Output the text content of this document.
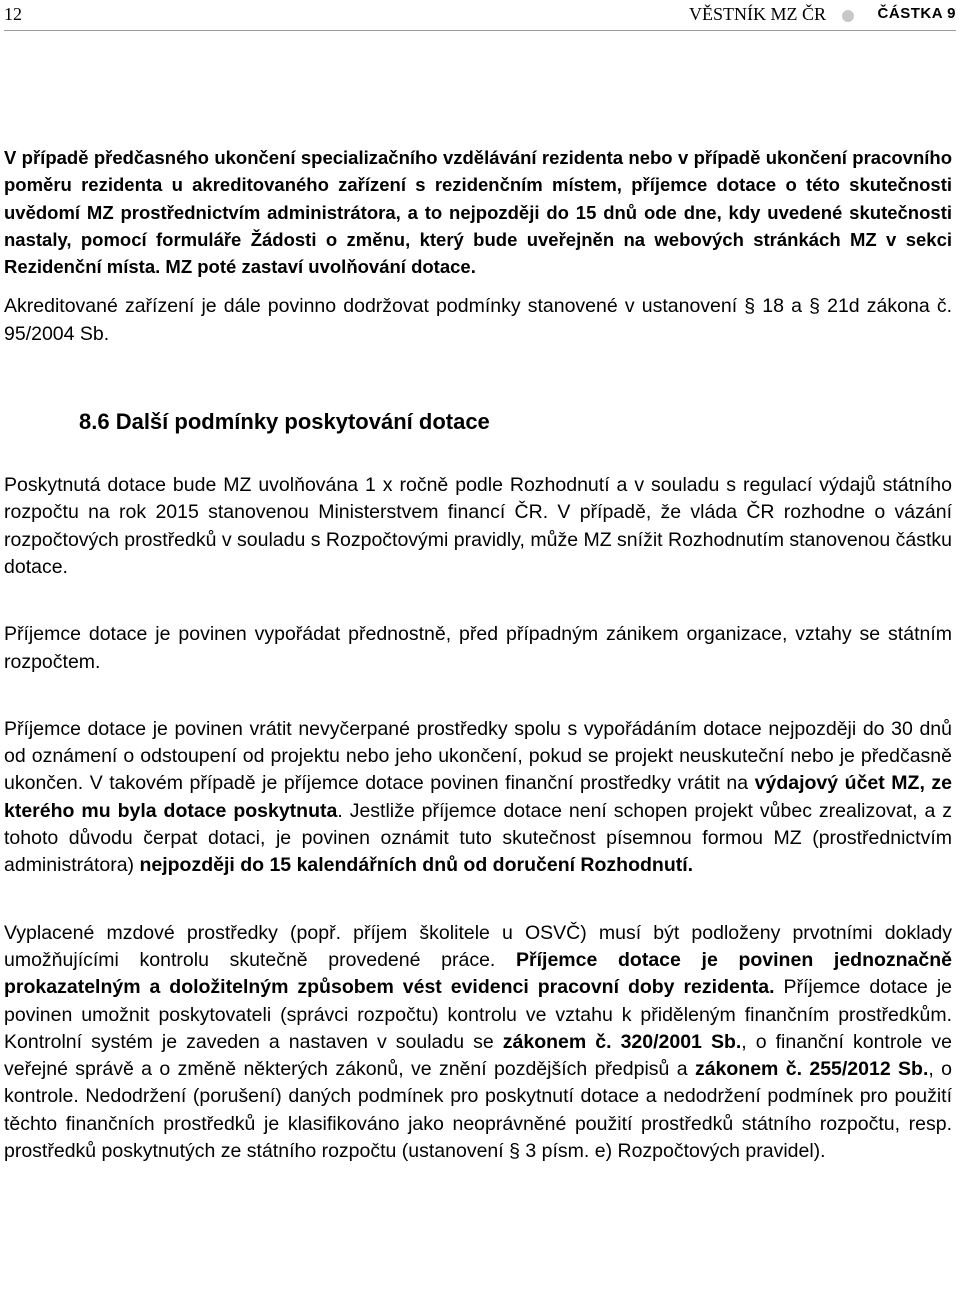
12	VĚSTNÍK MZ ČR	ČÁSTKA 9

V případě předčasného ukončení specializačního vzdělávání rezidenta nebo v případě ukončení pracovního poměru rezidenta u akreditovaného zařízení s rezidenčním místem, příjemce dotace o této skutečnosti uvědomí MZ prostřednictvím administrátora, a to nejpozději do 15 dnů ode dne, kdy uvedené skutečnosti nastaly, pomocí formuláře Žádosti o změnu, který bude uveřejněn na webových stránkách MZ v sekci Rezidenční místa. MZ poté zastaví uvolňování dotace.

Akreditované zařízení je dále povinno dodržovat podmínky stanovené v ustanovení § 18 a § 21d zákona č. 95/2004 Sb.

8.6 Další podmínky poskytování dotace

Poskytnutá dotace bude MZ uvolňována 1 x ročně podle Rozhodnutí a v souladu s regulací výdajů státního rozpočtu na rok 2015 stanovenou Ministerstvem financí ČR. V případě, že vláda ČR rozhodne o vázání rozpočtových prostředků v souladu s Rozpočtovými pravidly, může MZ snížit Rozhodnutím stanovenou částku dotace.

Příjemce dotace je povinen vypořádat přednostně, před případným zánikem organizace, vztahy se státním rozpočtem.

Příjemce dotace je povinen vrátit nevyčerpané prostředky spolu s vypořádáním dotace nejpozději do 30 dnů od oznámení o odstoupení od projektu nebo jeho ukončení, pokud se projekt neuskuteční nebo je předčasně ukončen. V takovém případě je příjemce dotace povinen finanční prostředky vrátit na výdajový účet MZ, ze kterého mu byla dotace poskytnuta. Jestliže příjemce dotace není schopen projekt vůbec zrealizovat, a z tohoto důvodu čerpat dotaci, je povinen oznámit tuto skutečnost písemnou formou MZ (prostřednictvím administrátora) nejpozději do 15 kalendářních dnů od doručení Rozhodnutí.

Vyplacené mzdové prostředky (popř. příjem školitele u OSVČ) musí být podloženy prvotními doklady umožňujícími kontrolu skutečně provedené práce. Příjemce dotace je povinen jednoznačně prokazatelným a doložitelným způsobem vést evidenci pracovní doby rezidenta. Příjemce dotace je povinen umožnit poskytovateli (správci rozpočtu) kontrolu ve vztahu k přiděleným finančním prostředkům. Kontrolní systém je zaveden a nastaven v souladu se zákonem č. 320/2001 Sb., o finanční kontrole ve veřejné správě a o změně některých zákonů, ve znění pozdějších předpisů a zákonem č. 255/2012 Sb., o kontrole. Nedodržení (porušení) daných podmínek pro poskytnutí dotace a nedodržení podmínek pro použití těchto finančních prostředků je klasifikováno jako neoprávněné použití prostředků státního rozpočtu, resp. prostředků poskytnutých ze státního rozpočtu (ustanovení § 3 písm. e) Rozpočtových pravidel).
